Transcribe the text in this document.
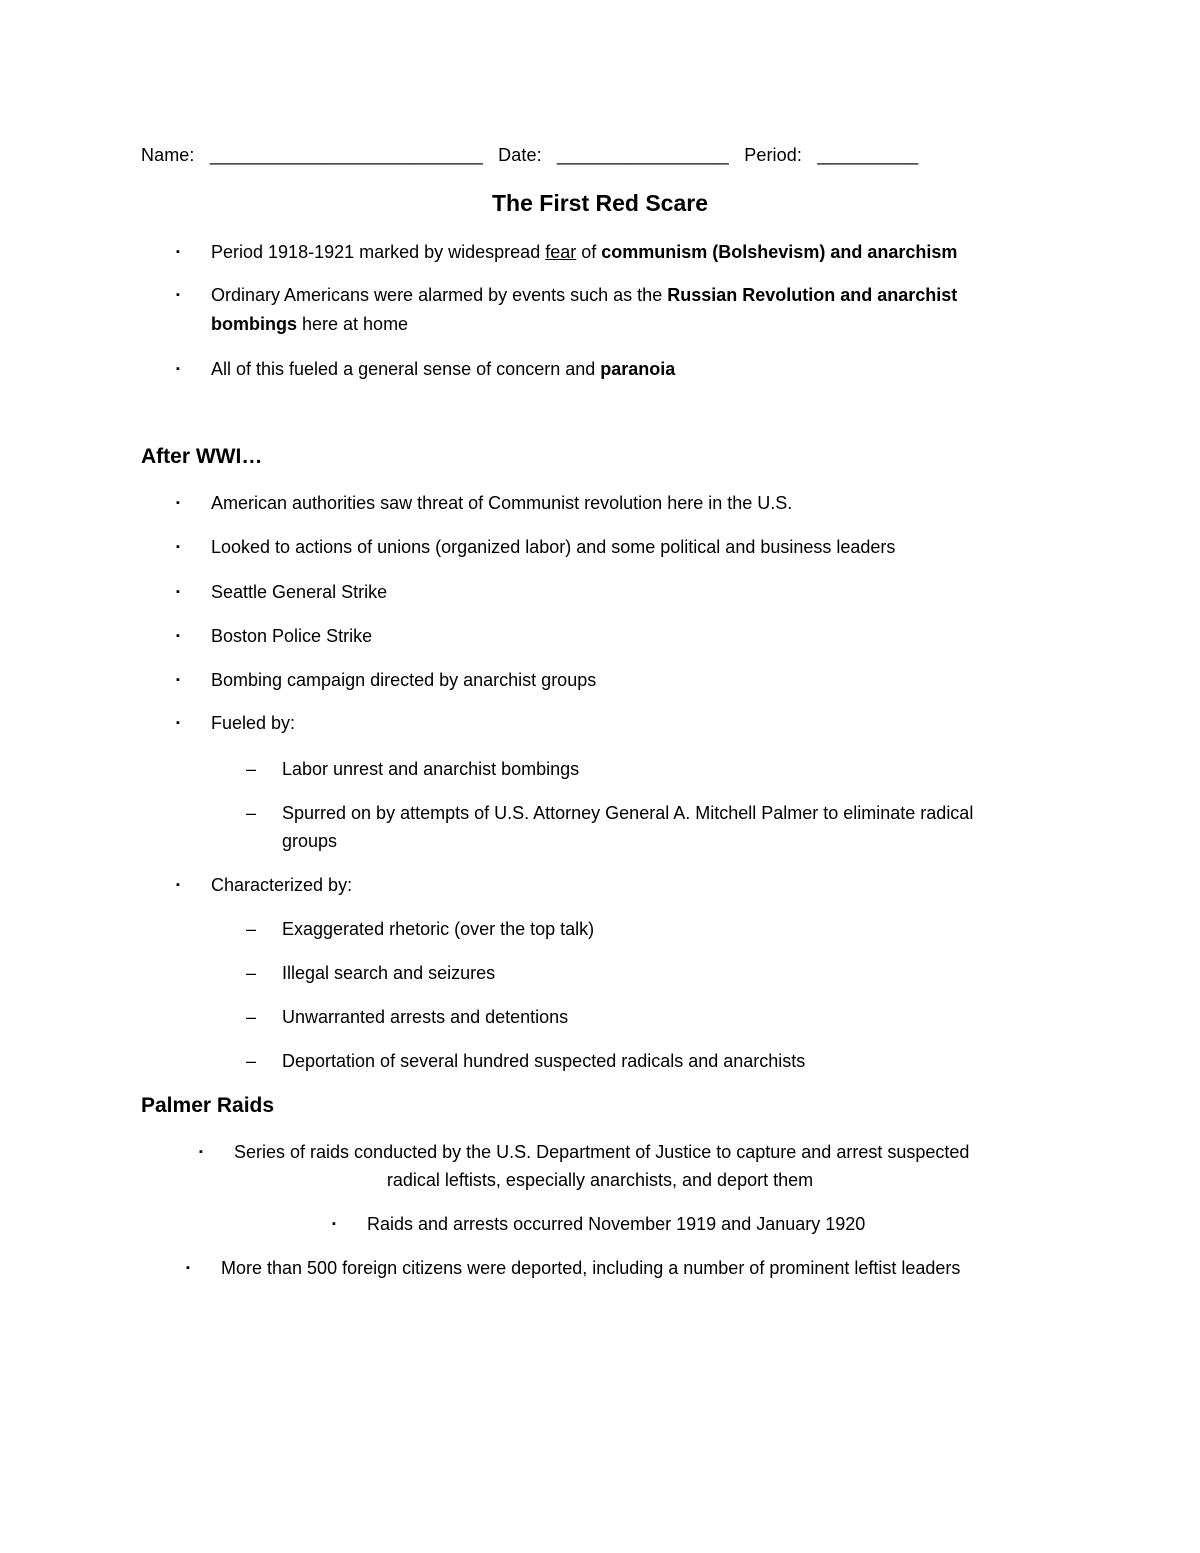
Name: ___________________________ Date: _________________ Period: __________
The First Red Scare
▪ Period 1918-1921 marked by widespread fear of communism (Bolshevism) and anarchism
▪ Ordinary Americans were alarmed by events such as the Russian Revolution and anarchist
bombings here at home
▪ All of this fueled a general sense of concern and paranoia
After WWI…
▪ American authorities saw threat of Communist revolution here in the U.S.
▪ Looked to actions of unions (organized labor) and some political and business leaders
▪ Seattle General Strike
▪ Boston Police Strike
▪ Bombing campaign directed by anarchist groups
▪ Fueled by:
– Labor unrest and anarchist bombings
– Spurred on by attempts of U.S. Attorney General A. Mitchell Palmer to eliminate radical
groups
▪ Characterized by:
– Exaggerated rhetoric (over the top talk)
– Illegal search and seizures
– Unwarranted arrests and detentions
– Deportation of several hundred suspected radicals and anarchists
Palmer Raids
▪ Series of raids conducted by the U.S. Department of Justice to capture and arrest suspected
radical leftists, especially anarchists, and deport them
▪ Raids and arrests occurred November 1919 and January 1920
▪ More than 500 foreign citizens were deported, including a number of prominent leftist leaders
